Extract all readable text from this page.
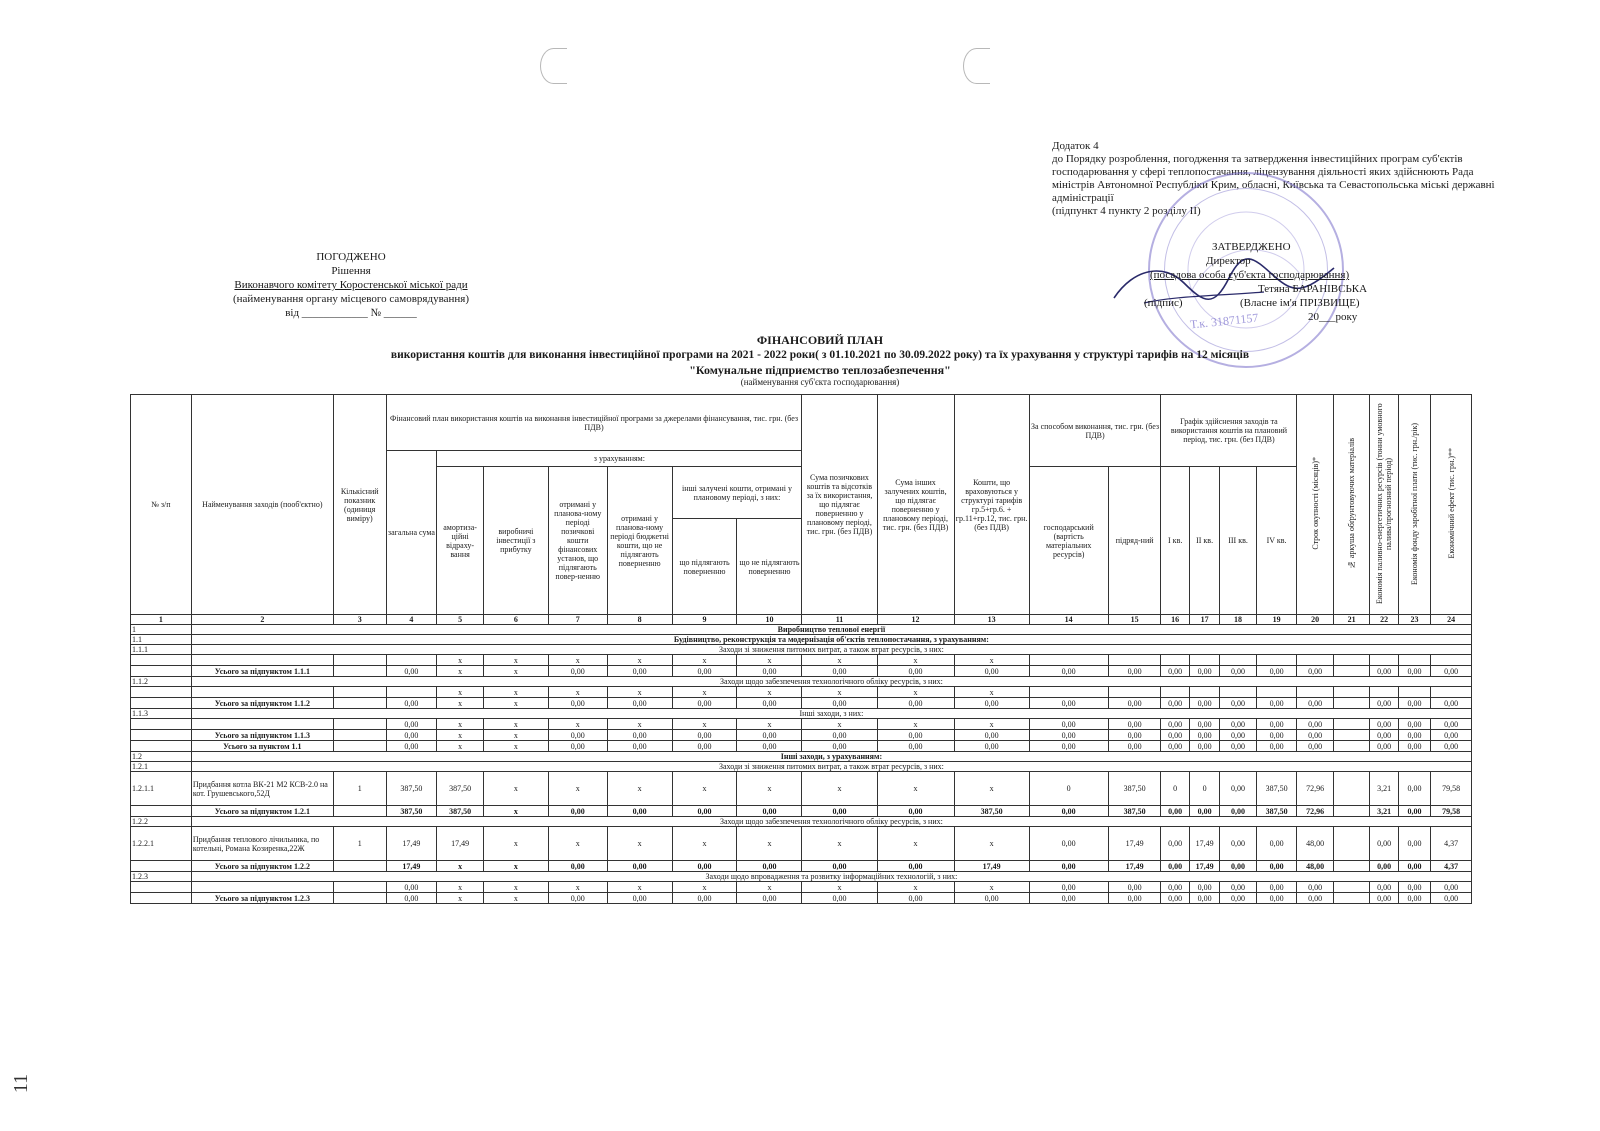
Додаток 4
до Порядку розроблення, погодження та затвердження інвестиційних програм суб'єктів господарювання у сфері теплопостачання, ліцензування діяльності яких здійснюють Рада міністрів Автономної Республіки Крим, обласні, Київська та Севастопольська міські державні адміністрації
(підпункт 4 пункту 2 розділу II)
Т.к. 31871157
ЗАТВЕРДЖЕНО
Директор
(посадова особа суб'єкта господарювання)
Тетяна БАРАНІВСЬКА
(підпис)	(Власне ім'я ПРІЗВИЩЕ)
20___року
ПОГОДЖЕНО
Рішення
Виконавчого комітету Коростенської міської ради
(найменування органу місцевого самоврядування)
від ____________ № ______
ФІНАНСОВИЙ ПЛАН
використання коштів для виконання інвестиційної програми на 2021 - 2022 роки( з 01.10.2021 по 30.09.2022 року) та їх урахування у структурі тарифів на 12 місяців
"Комунальне підприємство теплозабезпечення"
(найменування суб'єкта господарювання)
№ з/п	Найменування заходів (пооб'єктно)	Кількісний показник (одиниця виміру)	Фінансовий план використання коштів на виконання інвестиційної програми за джерелами фінансування, тис. грн. (без ПДВ)							Сума позичкових коштів та відсотків за їх використання, що підлягає поверненню у плановому періоді, тис. грн. (без ПДВ)	Сума інших залучених коштів, що підлягає поверненню у плановому періоді, тис. грн. (без ПДВ)	Кошти, що враховуються у структурі тарифів гр.5+гр.6. + гр.11+гр.12, тис. грн. (без ПДВ)	За способом виконання, тис. грн. (без ПДВ)		Графік здійснення заходів та використання коштів на плановий період, тис. грн. (без ПДВ)				Строк окупності (місяців)*	№ аркуша обґрунтовуючих матеріалів	Економія паливно-енергетичних ресурсів (тонни умовного палива/прогнозний період)	Економія фонду заробітної плати (тис. грн./рік)	Економічний ефект (тис. грн.)**
			загальна сума	з урахуванням:																			
				амортиза-ційні відраху-вання	виробничі інвестиції з прибутку	отримані у планова-ному періоді позичкові кошти фінансових установ, що підлягають повер-ненню	отримані у планова-ному періоді бюджетні кошти, що не підлягають поверненню	інші залучені кошти, отримані у плановому періоді, з них:					господарський (вартість матеріальних ресурсів)	підряд-ний	I кв.	II кв.	III кв.	IV кв.					
								що підлягають поверненню	що не підлягають поверненню														
1	2	3	4	5	6	7	8	9	10	11	12	13	14	15	16	17	18	19	20	21	22	23	24
1	Виробництво теплової енергії																						
1.1	Будівництво, реконструкція та модернізація об'єктів теплопостачання, з урахуванням:																						
1.1.1	Заходи зі зниження питомих витрат, а також втрат ресурсів, з них:																						
				x	x	x	x	x	x	x	x	x											
	Усього за підпунктом 1.1.1		0,00	x	x	0,00	0,00	0,00	0,00	0,00	0,00	0,00	0,00	0,00	0,00	0,00	0,00	0,00	0,00		0,00	0,00	0,00
1.1.2	Заходи щодо забезпечення технологічного обліку ресурсів, з них:																						
				x	x	x	x	x	x	x	x	x											
	Усього за підпунктом 1.1.2		0,00	x	x	0,00	0,00	0,00	0,00	0,00	0,00	0,00	0,00	0,00	0,00	0,00	0,00	0,00	0,00		0,00	0,00	0,00
1.1.3	Інші заходи, з них:																						
			0,00	x	x	x	x	x	x	x	x	x	0,00	0,00	0,00	0,00	0,00	0,00	0,00		0,00	0,00	0,00
	Усього за підпунктом 1.1.3		0,00	x	x	0,00	0,00	0,00	0,00	0,00	0,00	0,00	0,00	0,00	0,00	0,00	0,00	0,00	0,00		0,00	0,00	0,00
	Усього за пунктом 1.1		0,00	x	x	0,00	0,00	0,00	0,00	0,00	0,00	0,00	0,00	0,00	0,00	0,00	0,00	0,00	0,00		0,00	0,00	0,00
1.2	Інші заходи, з урахуванням:																						
1.2.1	Заходи зі зниження питомих витрат, а також втрат ресурсів, з них:																						
1.2.1.1	Придбання котла ВК-21 М2 КСВ-2.0 на кот. Грушевського,52Д	1	387,50	387,50	x	x	x	x	x	x	x	x	0	387,50	0	0	0,00	387,50	72,96		3,21	0,00	79,58
	Усього за підпунктом 1.2.1		387,50	387,50	x	0,00	0,00	0,00	0,00	0,00	0,00	387,50	0,00	387,50	0,00	0,00	0,00	387,50	72,96		3,21	0,00	79,58
1.2.2	Заходи щодо забезпечення технологічного обліку ресурсів, з них:																						
1.2.2.1	Придбання теплового лічильника, по котельні, Романа Козиренка,22Ж	1	17,49	17,49	x	x	x	x	x	x	x	x	0,00	17,49	0,00	17,49	0,00	0,00	48,00		0,00	0,00	4,37
	Усього за підпунктом 1.2.2		17,49	x	x	0,00	0,00	0,00	0,00	0,00	0,00	17,49	0,00	17,49	0,00	17,49	0,00	0,00	48,00		0,00	0,00	4,37
1.2.3	Заходи щодо впровадження та розвитку інформаційних технологій, з них:																						
			0,00	x	x	x	x	x	x	x	x	x	0,00	0,00	0,00	0,00	0,00	0,00	0,00		0,00	0,00	0,00
	Усього за підпунктом 1.2.3		0,00	x	x	0,00	0,00	0,00	0,00	0,00	0,00	0,00	0,00	0,00	0,00	0,00	0,00	0,00	0,00		0,00	0,00	0,00
11
